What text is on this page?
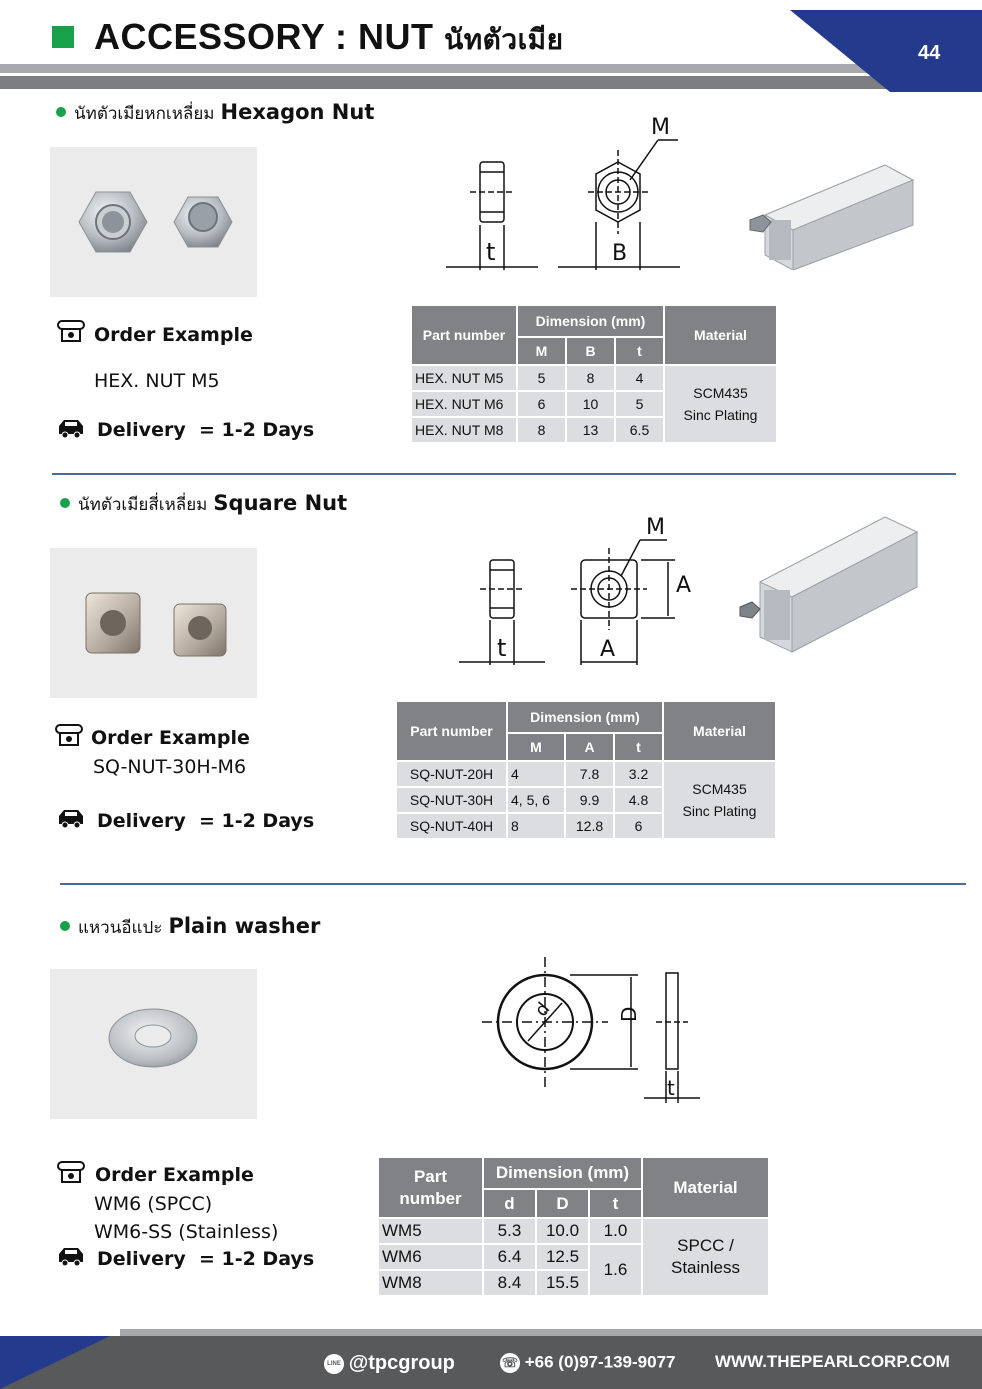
ACCESSORY : NUT นัทตัวเมีย	44
นัทตัวเมียหกเหลี่ยม Hexagon Nut
t	B
M
Order Example
HEX. NUT M5
Delivery = 1-2 Days
Part number	Dimension (mm)			Material
	M	B	t	
HEX. NUT M5	5	8	4	SCM435
Sinc Plating

HEX. NUT M6	6	10	5	
HEX. NUT M8	8	13	6.5	
นัทตัวเมียสี่เหลี่ยม Square Nut
t	A
A
M
Order Example
SQ-NUT-30H-M6
Delivery = 1-2 Days
Part number	Dimension (mm)			Material
	M	A	t	
SQ-NUT-20H	4	7.8	3.2	SCM435
Sinc Plating

SQ-NUT-30H	4, 5, 6	9.9	4.8	
SQ-NUT-40H	8	12.8	6	
แหวนอีแปะ Plain washer
d	D
t
Order Example
WM6 (SPCC)
WM6-SS (Stainless)
Delivery = 1-2 Days
Part
number	Dimension (mm)			Material
	d	D	t	
WM5	5.3	10.0	1.0	SPCC /
Stainless

WM6	6.4	12.5	1.6	
WM8	8.4	15.5		
LINE @tpcgroup	☏ +66 (0)97-139-9077 WWW.THEPEARLCORP.COM
